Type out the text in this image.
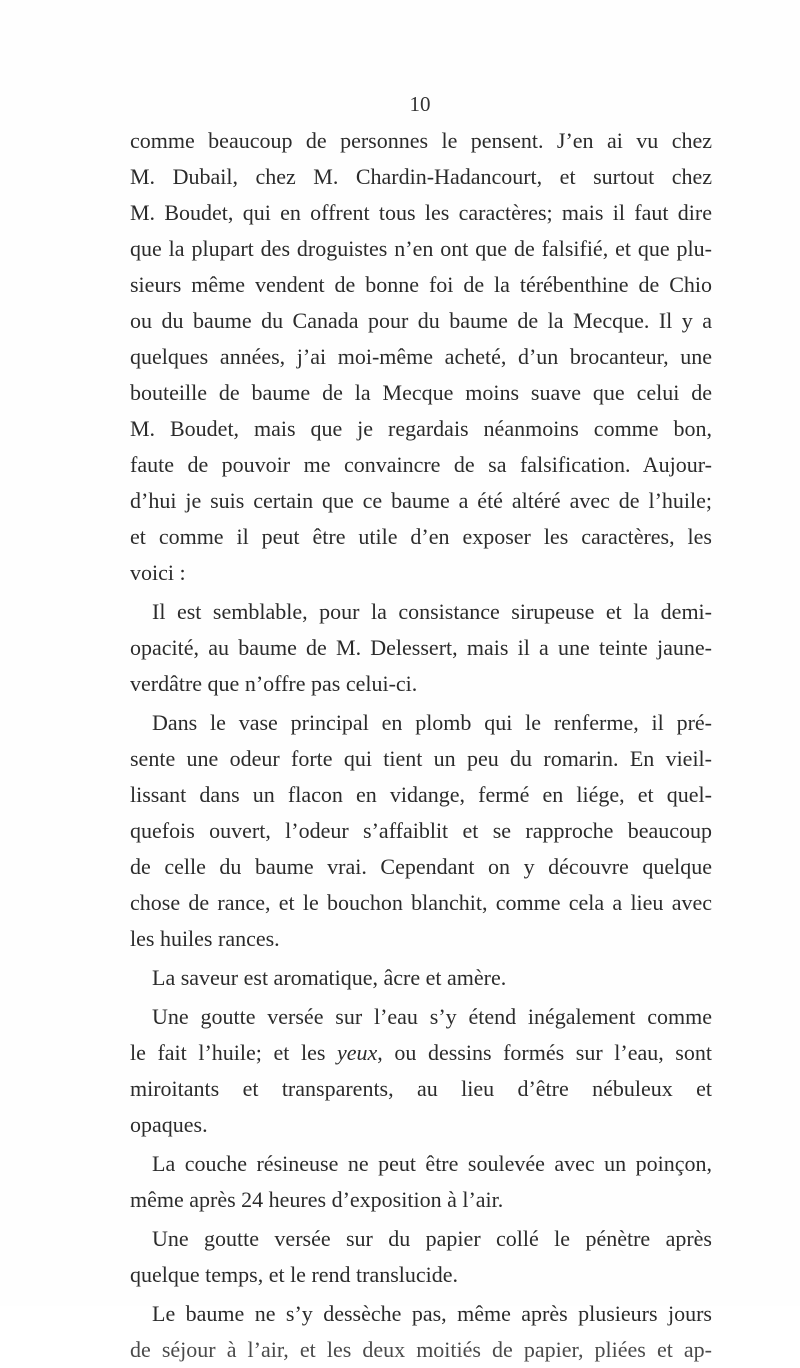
10
comme beaucoup de personnes le pensent. J’en ai vu chez
M. Dubail, chez M. Chardin-Hadancourt, et surtout chez
M. Boudet, qui en offrent tous les caractères; mais il faut dire
que la plupart des droguistes n’en ont que de falsifié, et que plu-
sieurs même vendent de bonne foi de la térébenthine de Chio
ou du baume du Canada pour du baume de la Mecque. Il y a
quelques années, j’ai moi-même acheté, d’un brocanteur, une
bouteille de baume de la Mecque moins suave que celui de
M. Boudet, mais que je regardais néanmoins comme bon,
faute de pouvoir me convaincre de sa falsification. Aujour-
d’hui je suis certain que ce baume a été altéré avec de l’huile;
et comme il peut être utile d’en exposer les caractères, les
voici :
Il est semblable, pour la consistance sirupeuse et la demi-
opacité, au baume de M. Delessert, mais il a une teinte jaune-
verdâtre que n’offre pas celui-ci.
Dans le vase principal en plomb qui le renferme, il pré-
sente une odeur forte qui tient un peu du romarin. En vieil-
lissant dans un flacon en vidange, fermé en liége, et quel-
quefois ouvert, l’odeur s’affaiblit et se rapproche beaucoup
de celle du baume vrai. Cependant on y découvre quelque
chose de rance, et le bouchon blanchit, comme cela a lieu avec
les huiles rances.
La saveur est aromatique, âcre et amère.
Une goutte versée sur l’eau s’y étend inégalement comme
le fait l’huile; et les yeux, ou dessins formés sur l’eau, sont
miroitants et transparents, au lieu d’être nébuleux et
opaques.
La couche résineuse ne peut être soulevée avec un poinçon,
même après 24 heures d’exposition à l’air.
Une goutte versée sur du papier collé le pénètre après
quelque temps, et le rend translucide.
Le baume ne s’y dessèche pas, même après plusieurs jours
de séjour à l’air, et les deux moitiés de papier, pliées et ap-
